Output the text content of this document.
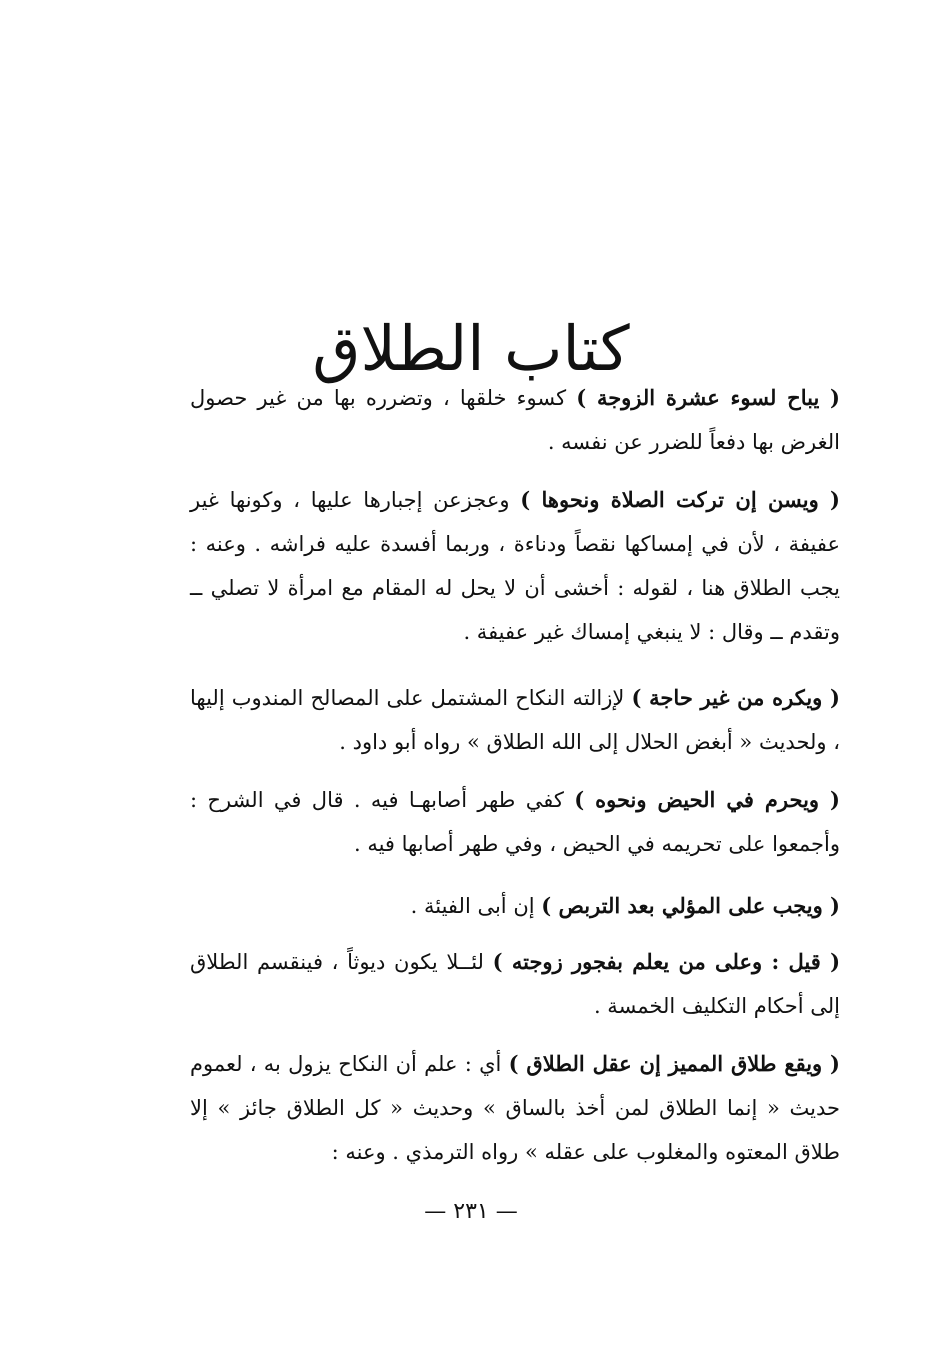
كتاب الطلاق

( يباح لسوء عشرة الزوجة ) كسوء خلقها ، وتضرره بها من غير حصول الغرض بها دفعاً للضرر عن نفسه .

( ويسن إن تركت الصلاة ونحوها ) وعجزعن إجبارها عليها ، وكونها غير عفيفة ، لأن في إمساكها نقصاً ودناءة ، وربما أفسدة عليه فراشه . وعنه : يجب الطلاق هنا ، لقوله : أخشى أن لا يحل له المقام مع امرأة لا تصلي ــ وتقدم ــ وقال : لا ينبغي إمساك غير عفيفة .

( ويكره من غير حاجة ) لإزالته النكاح المشتمل على المصالح المندوب إليها ، ولحديث « أبغض الحلال إلى الله الطلاق » رواه أبو داود .

( ويحرم في الحيض ونحوه ) كفي طهر أصابهـا فيه . قال في الشرح : وأجمعوا على تحريمه في الحيض ، وفي طهر أصابها فيه .

( ويجب على المؤلي بعد التربص ) إن أبى الفيئة .

( قيل : وعلى من يعلم بفجور زوجته ) لئــلا يكون ديوثاً ، فينقسم الطلاق إلى أحكام التكليف الخمسة .

( ويقع طلاق المميز إن عقل الطلاق ) أي : علم أن النكاح يزول به ، لعموم حديث « إنما الطلاق لمن أخذ بالساق » وحديث « كل الطلاق جائز » إلا طلاق المعتوه والمغلوب على عقله » رواه الترمذي . وعنه :

— ٢٣١ —
